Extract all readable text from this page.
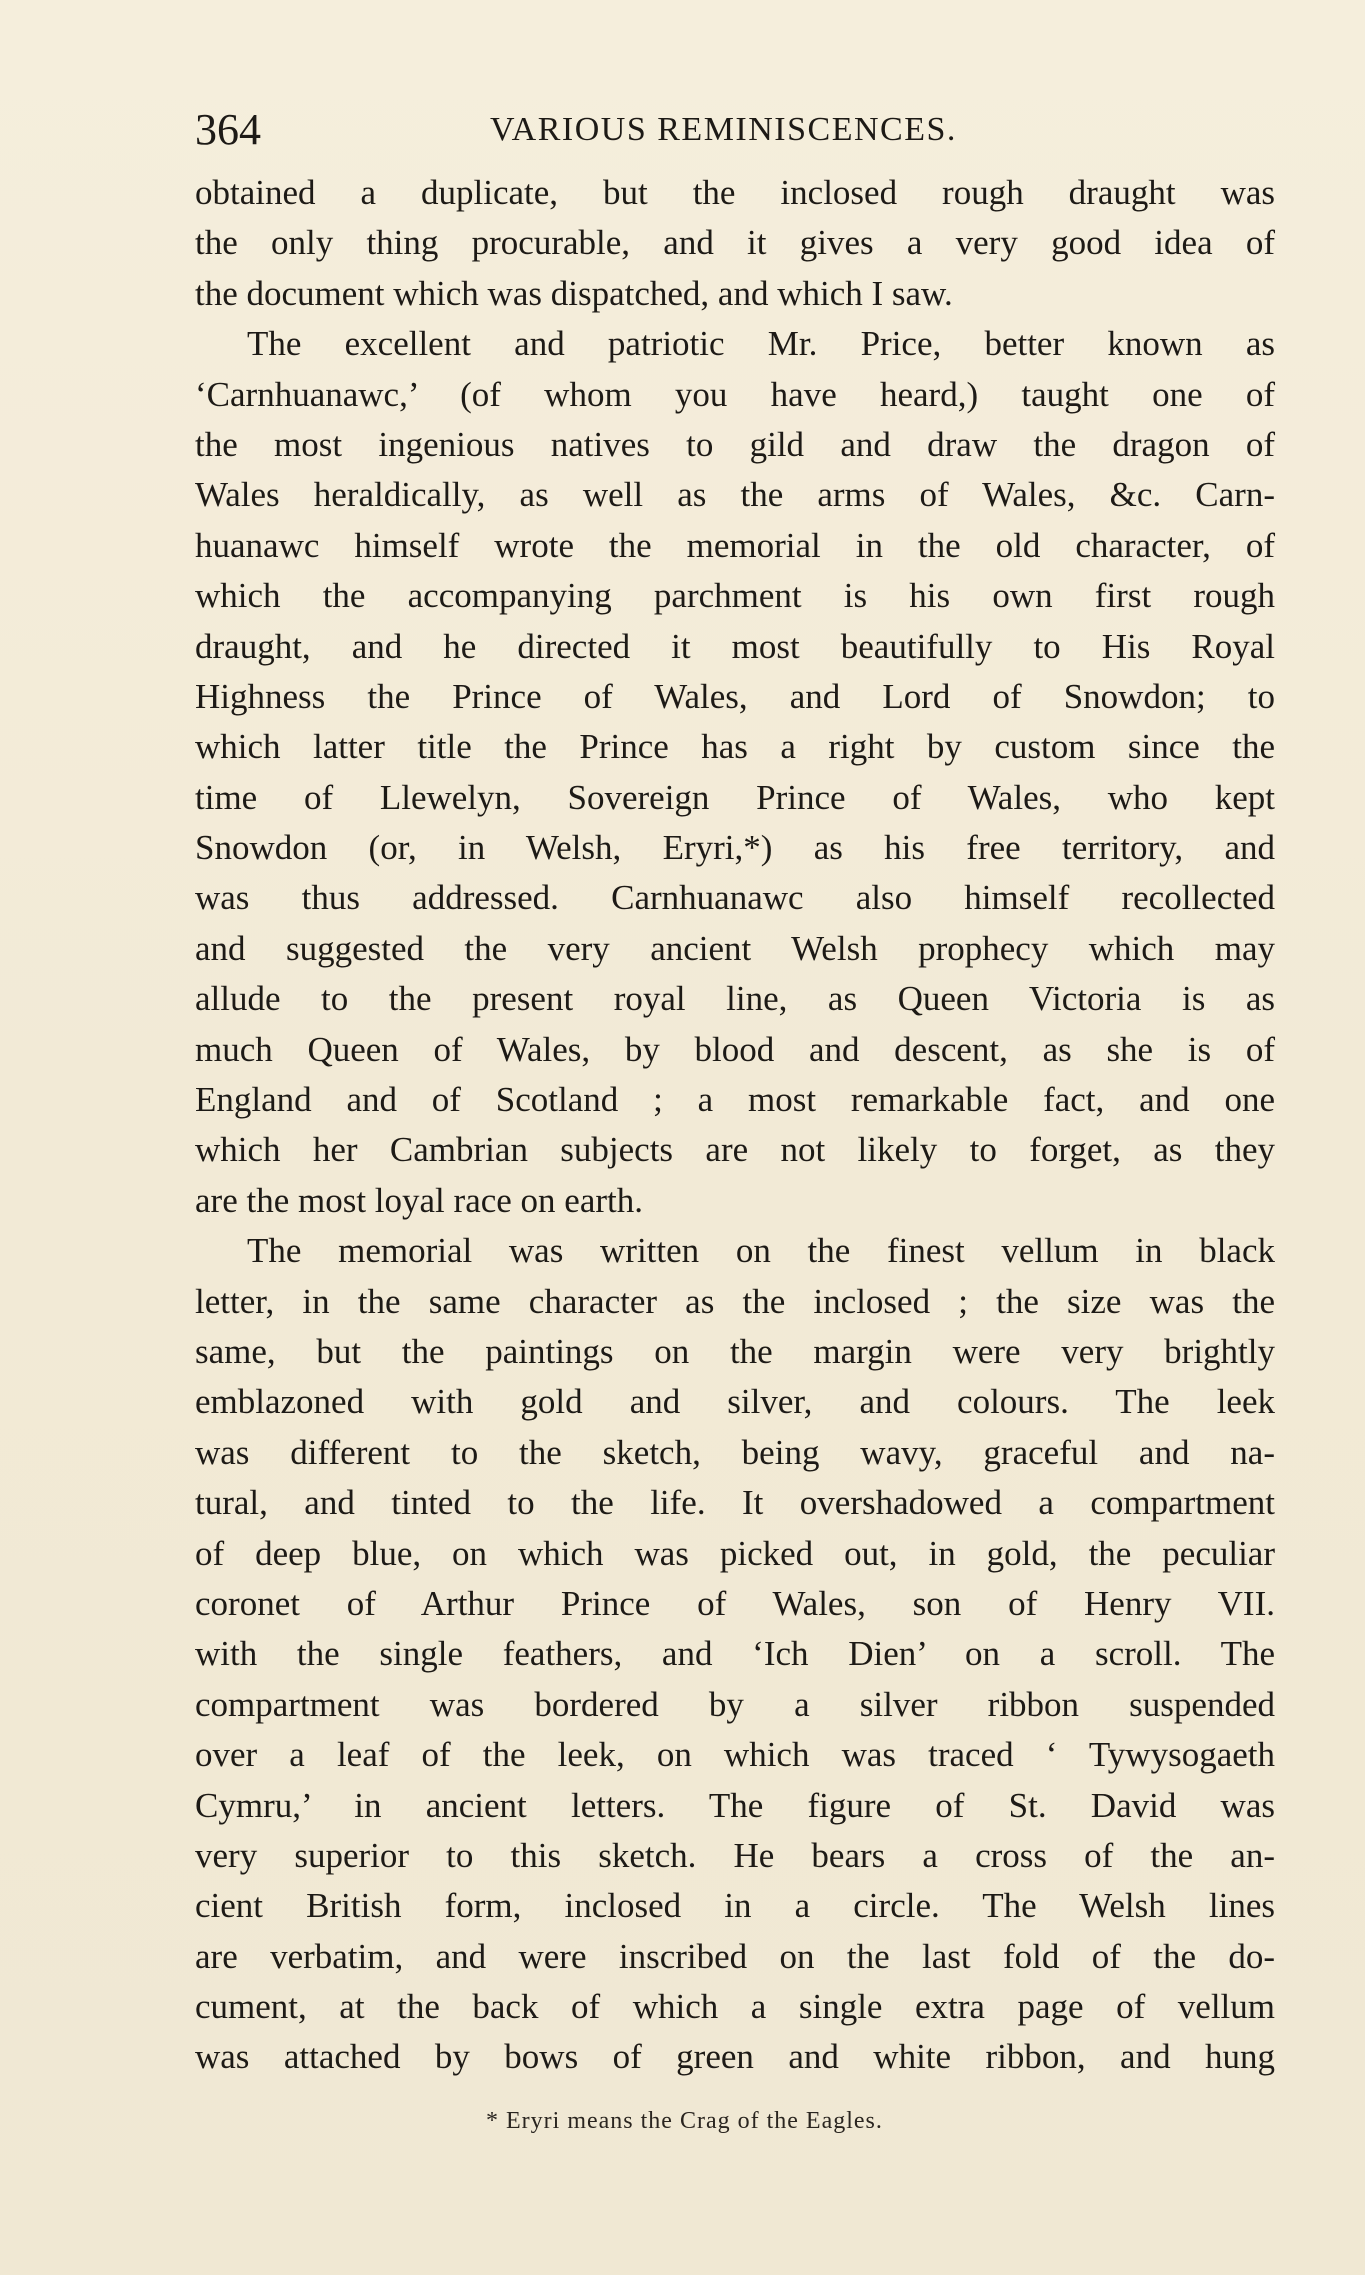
364	VARIOUS REMINISCENCES.
obtained a duplicate, but the inclosed rough draught was
the only thing procurable, and it gives a very good idea of
the document which was dispatched, and which I saw.
The excellent and patriotic Mr. Price, better known as
‘Carnhuanawc,’ (of whom you have heard,) taught one of
the most ingenious natives to gild and draw the dragon of
Wales heraldically, as well as the arms of Wales, &c. Carn-
huanawc himself wrote the memorial in the old character, of
which the accompanying parchment is his own first rough
draught, and he directed it most beautifully to His Royal
Highness the Prince of Wales, and Lord of Snowdon; to
which latter title the Prince has a right by custom since the
time of Llewelyn, Sovereign Prince of Wales, who kept
Snowdon (or, in Welsh, Eryri,*) as his free territory, and
was thus addressed. Carnhuanawc also himself recollected
and suggested the very ancient Welsh prophecy which may
allude to the present royal line, as Queen Victoria is as
much Queen of Wales, by blood and descent, as she is of
England and of Scotland ; a most remarkable fact, and one
which her Cambrian subjects are not likely to forget, as they
are the most loyal race on earth.
The memorial was written on the finest vellum in black
letter, in the same character as the inclosed ; the size was the
same, but the paintings on the margin were very brightly
emblazoned with gold and silver, and colours. The leek
was different to the sketch, being wavy, graceful and na-
tural, and tinted to the life. It overshadowed a compartment
of deep blue, on which was picked out, in gold, the peculiar
coronet of Arthur Prince of Wales, son of Henry VII.
with the single feathers, and ‘Ich Dien’ on a scroll. The
compartment was bordered by a silver ribbon suspended
over a leaf of the leek, on which was traced ‘ Tywysogaeth
Cymru,’ in ancient letters. The figure of St. David was
very superior to this sketch. He bears a cross of the an-
cient British form, inclosed in a circle. The Welsh lines
are verbatim, and were inscribed on the last fold of the do-
cument, at the back of which a single extra page of vellum
was attached by bows of green and white ribbon, and hung
* Eryri means the Crag of the Eagles.
